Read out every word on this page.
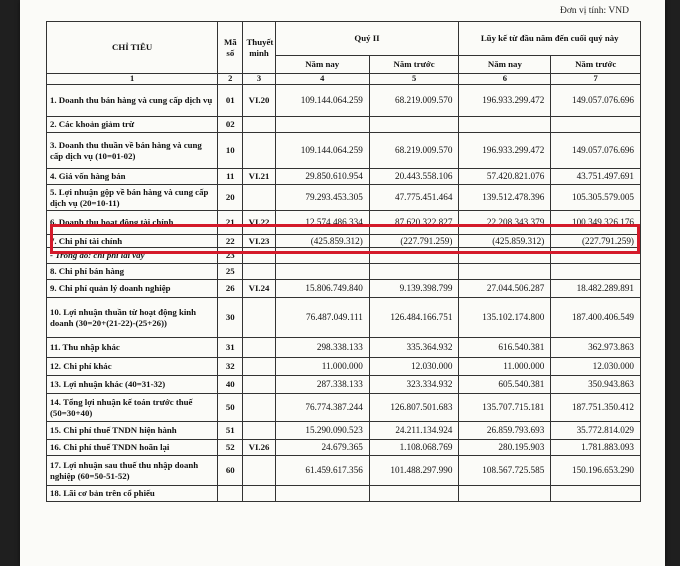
Đơn vị tính: VND
CHỈ TIÊU	Mã số	Thuyết minh	Quý II		Lũy kế từ đầu năm đến cuối quý này	
			Năm nay	Năm trước	Năm nay	Năm trước
1	2	3	4	5	6	7
1. Doanh thu bán hàng và cung cấp dịch vụ	01	VI.20	109.144.064.259	68.219.009.570	196.933.299.472	149.057.076.696
2. Các khoản giảm trừ	02					
3. Doanh thu thuần về bán hàng và cung cấp dịch vụ (10=01-02)	10		109.144.064.259	68.219.009.570	196.933.299.472	149.057.076.696
4. Giá vốn hàng bán	11	VI.21	29.850.610.954	20.443.558.106	57.420.821.076	43.751.497.691
5. Lợi nhuận gộp về bán hàng và cung cấp dịch vụ (20=10-11)	20		79.293.453.305	47.775.451.464	139.512.478.396	105.305.579.005
6. Doanh thu hoạt động tài chính	21	VI.22	12.574.486.334	87.620.322.827	22.208.343.379	100.349.326.176
7. Chi phí tài chính	22	VI.23	(425.859.312)	(227.791.259)	(425.859.312)	(227.791.259)
- Trong đó: chi phí lãi vay	23					
8. Chi phí bán hàng	25					
9. Chi phí quản lý doanh nghiệp	26	VI.24	15.806.749.840	9.139.398.799	27.044.506.287	18.482.289.891
10. Lợi nhuận thuần từ hoạt động kinh doanh (30=20+(21-22)-(25+26))	30		76.487.049.111	126.484.166.751	135.102.174.800	187.400.406.549
11. Thu nhập khác	31		298.338.133	335.364.932	616.540.381	362.973.863
12. Chi phí khác	32		11.000.000	12.030.000	11.000.000	12.030.000
13. Lợi nhuận khác (40=31-32)	40		287.338.133	323.334.932	605.540.381	350.943.863
14. Tổng lợi nhuận kế toán trước thuế (50=30+40)	50		76.774.387.244	126.807.501.683	135.707.715.181	187.751.350.412
15. Chi phí thuế TNDN hiện hành	51		15.290.090.523	24.211.134.924	26.859.793.693	35.772.814.029
16. Chi phí thuế TNDN hoãn lại	52	VI.26	24.679.365	1.108.068.769	280.195.903	1.781.883.093
17. Lợi nhuận sau thuế thu nhập doanh nghiệp (60=50-51-52)	60		61.459.617.356	101.488.297.990	108.567.725.585	150.196.653.290
18. Lãi cơ bản trên cổ phiếu						
